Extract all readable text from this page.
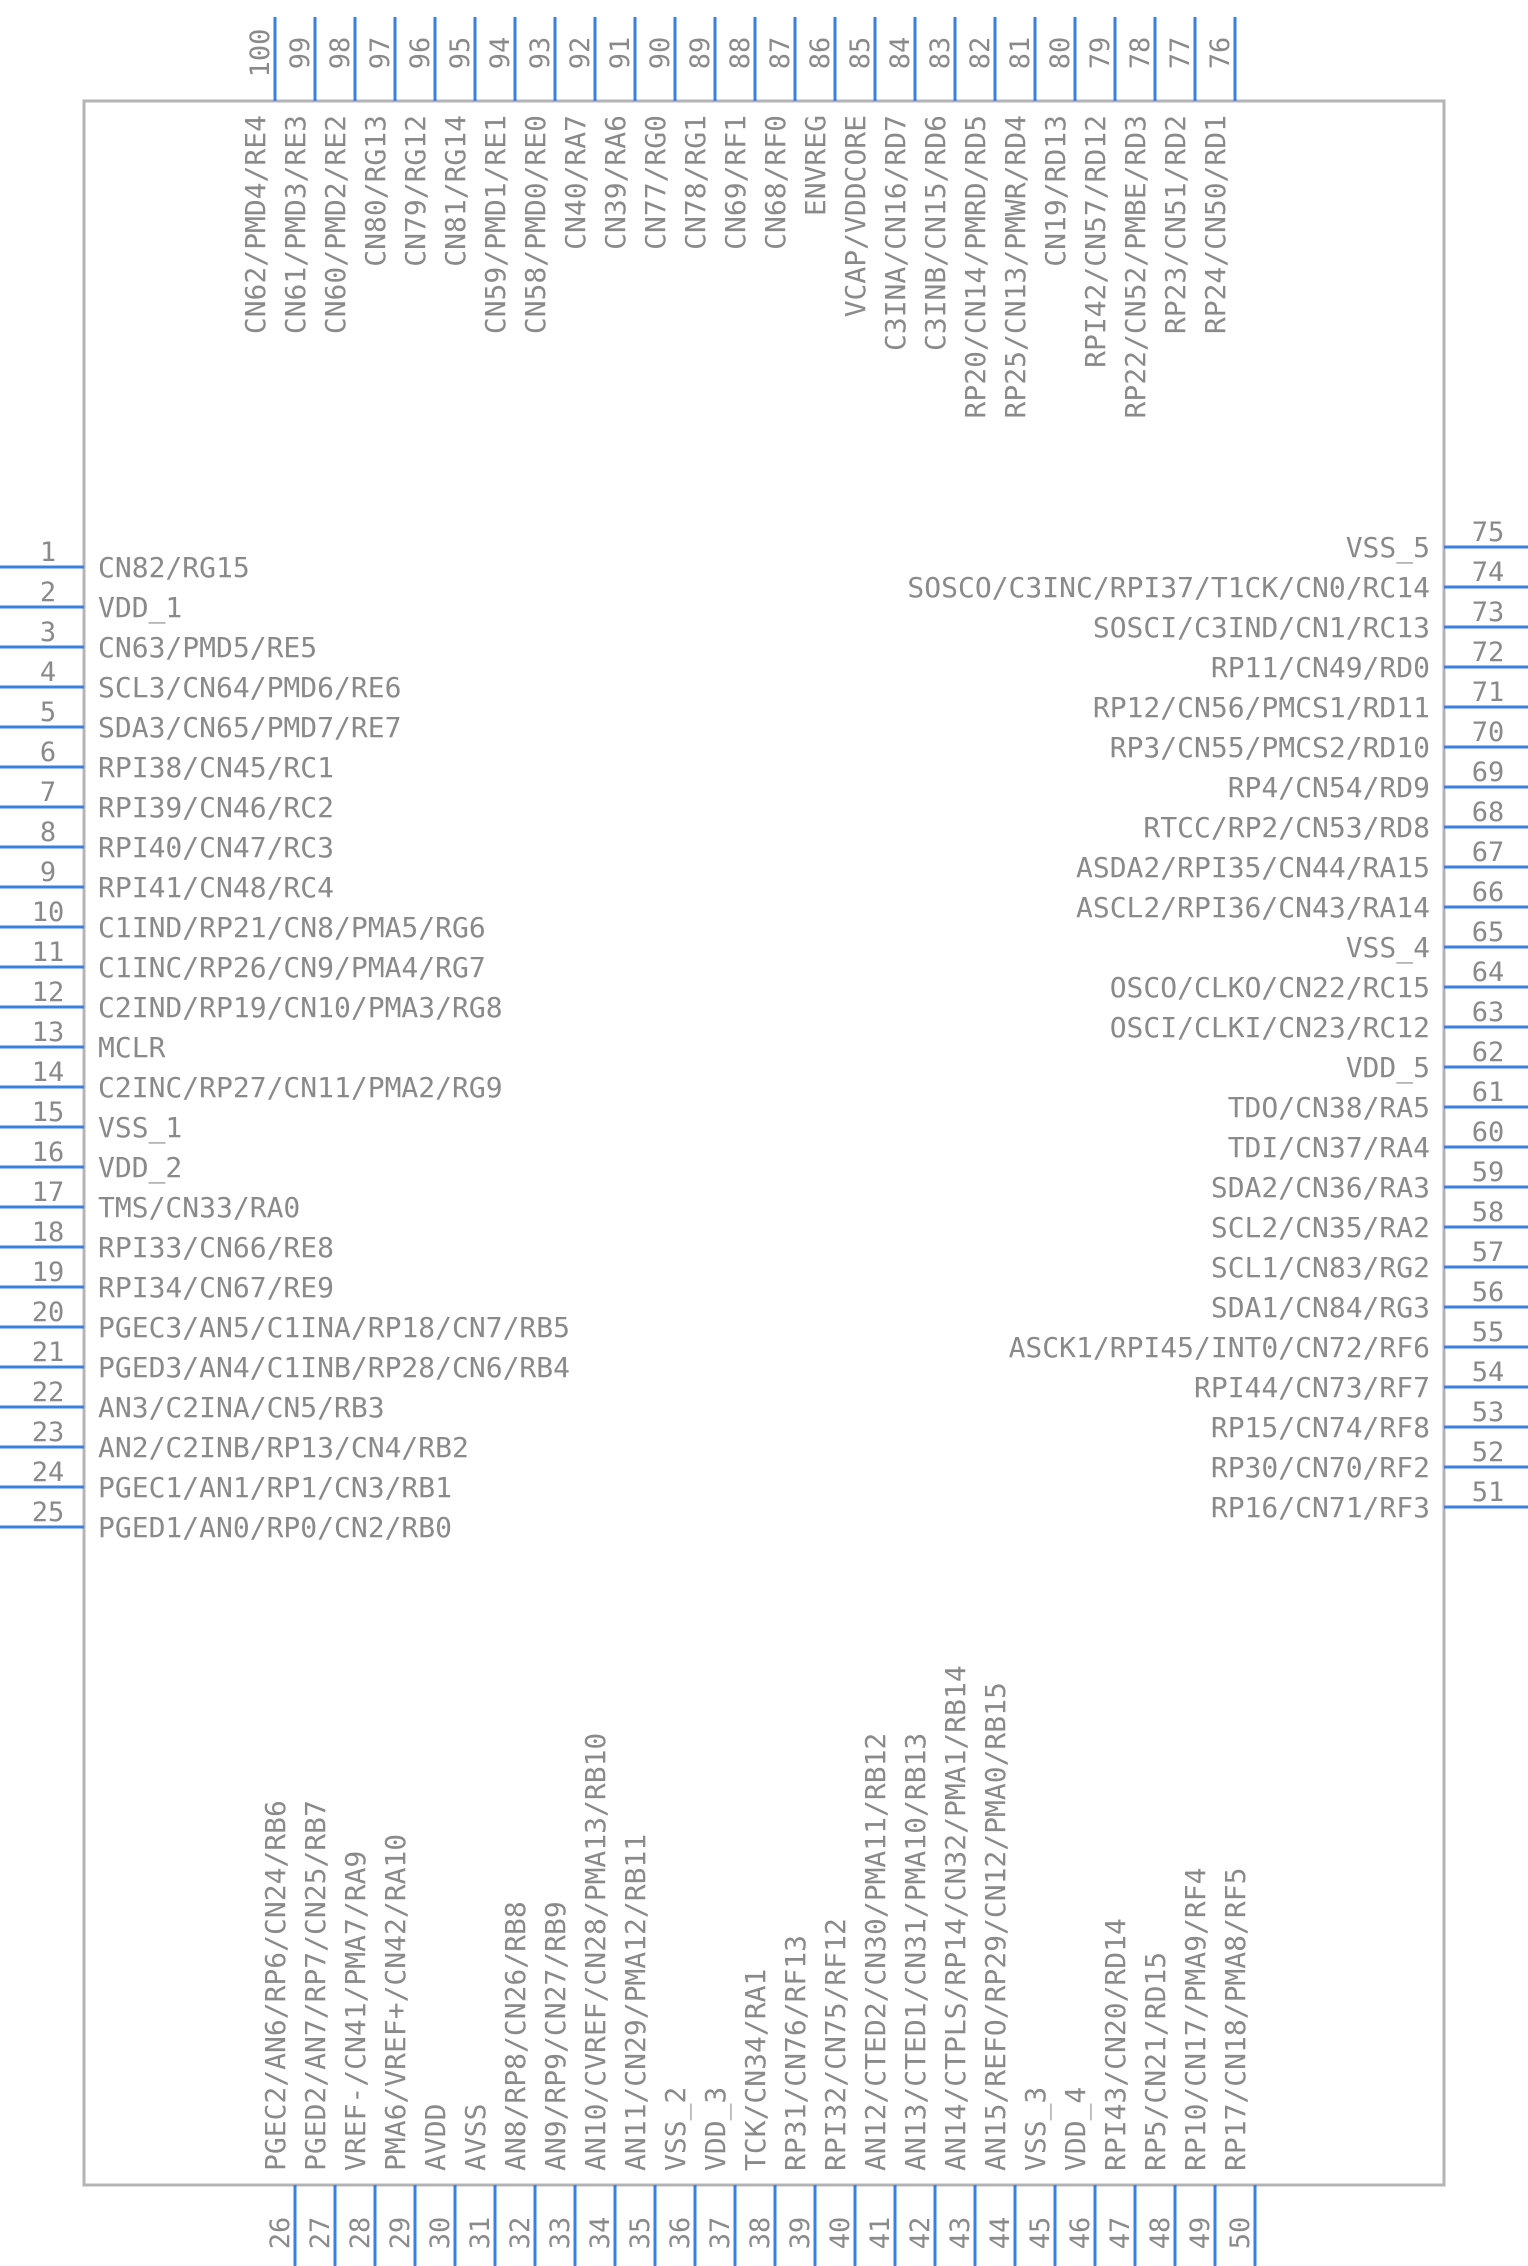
1 CN82/RG15
2 VDD_1
3 CN63/PMD5/RE5
4 SCL3/CN64/PMD6/RE6
5 SDA3/CN65/PMD7/RE7
6 RPI38/CN45/RC1
7 RPI39/CN46/RC2
8 RPI40/CN47/RC3
9 RPI41/CN48/RC4
10 C1IND/RP21/CN8/PMA5/RG6
11 C1INC/RP26/CN9/PMA4/RG7
12 C2IND/RP19/CN10/PMA3/RG8
13 MCLR
14 C2INC/RP27/CN11/PMA2/RG9
15 VSS_1
16 VDD_2
17 TMS/CN33/RA0
18 RPI33/CN66/RE8
19 RPI34/CN67/RE9
20 PGEC3/AN5/C1INA/RP18/CN7/RB5
21 PGED3/AN4/C1INB/RP28/CN6/RB4
22 AN3/C2INA/CN5/RB3
23 AN2/C2INB/RP13/CN4/RB2
24 PGEC1/AN1/RP1/CN3/RB1
25 PGED1/AN0/RP0/CN2/RB0
26
PGEC2/AN6/RP6/CN24/RB6
27
PGED2/AN7/RP7/CN25/RB7
28
VREF-/CN41/PMA7/RA9
29
PMA6/VREF+/CN42/RA10
30
AVDD
31
AVSS
32
AN8/RP8/CN26/RB8
33
AN9/RP9/CN27/RB9
34
AN10/CVREF/CN28/PMA13/RB10
35
AN11/CN29/PMA12/RB11
36
VSS_2
37
VDD_3
38
TCK/CN34/RA1
39
RP31/CN76/RF13
40
RPI32/CN75/RF12
41
AN12/CTED2/CN30/PMA11/RB12
42
AN13/CTED1/CN31/PMA10/RB13
43
AN14/CTPLS/RP14/CN32/PMA1/RB14
44
AN15/REFO/RP29/CN12/PMA0/RB15
45
VSS_3
46
VDD_4
47
RPI43/CN20/RD14
48
RP5/CN21/RD15
49
RP10/CN17/PMA9/RF4
50
RP17/CN18/PMA8/RF5
51
RP16/CN71/RF3
52
RP30/CN70/RF2
53
RP15/CN74/RF8
54
RPI44/CN73/RF7
55
ASCK1/RPI45/INT0/CN72/RF6
56
SDA1/CN84/RG3
57
SCL1/CN83/RG2
58
SCL2/CN35/RA2
59
SDA2/CN36/RA3
60
TDI/CN37/RA4
61
TDO/CN38/RA5
62
VDD_5
63
OSCI/CLKI/CN23/RC12
64
OSCO/CLKO/CN22/RC15
65
VSS_4
66
ASCL2/RPI36/CN43/RA14
67
ASDA2/RPI35/CN44/RA15
68
RTCC/RP2/CN53/RD8
69
RP4/CN54/RD9
70
RP3/CN55/PMCS2/RD10
71
RP12/CN56/PMCS1/RD11
72
RP11/CN49/RD0
73
SOSCI/C3IND/CN1/RC13
74
SOSCO/C3INC/RPI37/T1CK/CN0/RC14
75
VSS_5
76
RP24/CN50/RD1
77
RP23/CN51/RD2
78
RP22/CN52/PMBE/RD3
79
RPI42/CN57/RD12
80
CN19/RD13
81
RP25/CN13/PMWR/RD4
82
RP20/CN14/PMRD/RD5
83
C3INB/CN15/RD6
84
C3INA/CN16/RD7
85
VCAP/VDDCORE
86
ENVREG
87
CN68/RF0
88
CN69/RF1
89
CN78/RG1
90
CN77/RG0
91
CN39/RA6
92
CN40/RA7
93
CN58/PMD0/RE0
94
CN59/PMD1/RE1
95
CN81/RG14
96
CN79/RG12
97
CN80/RG13
98
CN60/PMD2/RE2
99
CN61/PMD3/RE3
100
CN62/PMD4/RE4
